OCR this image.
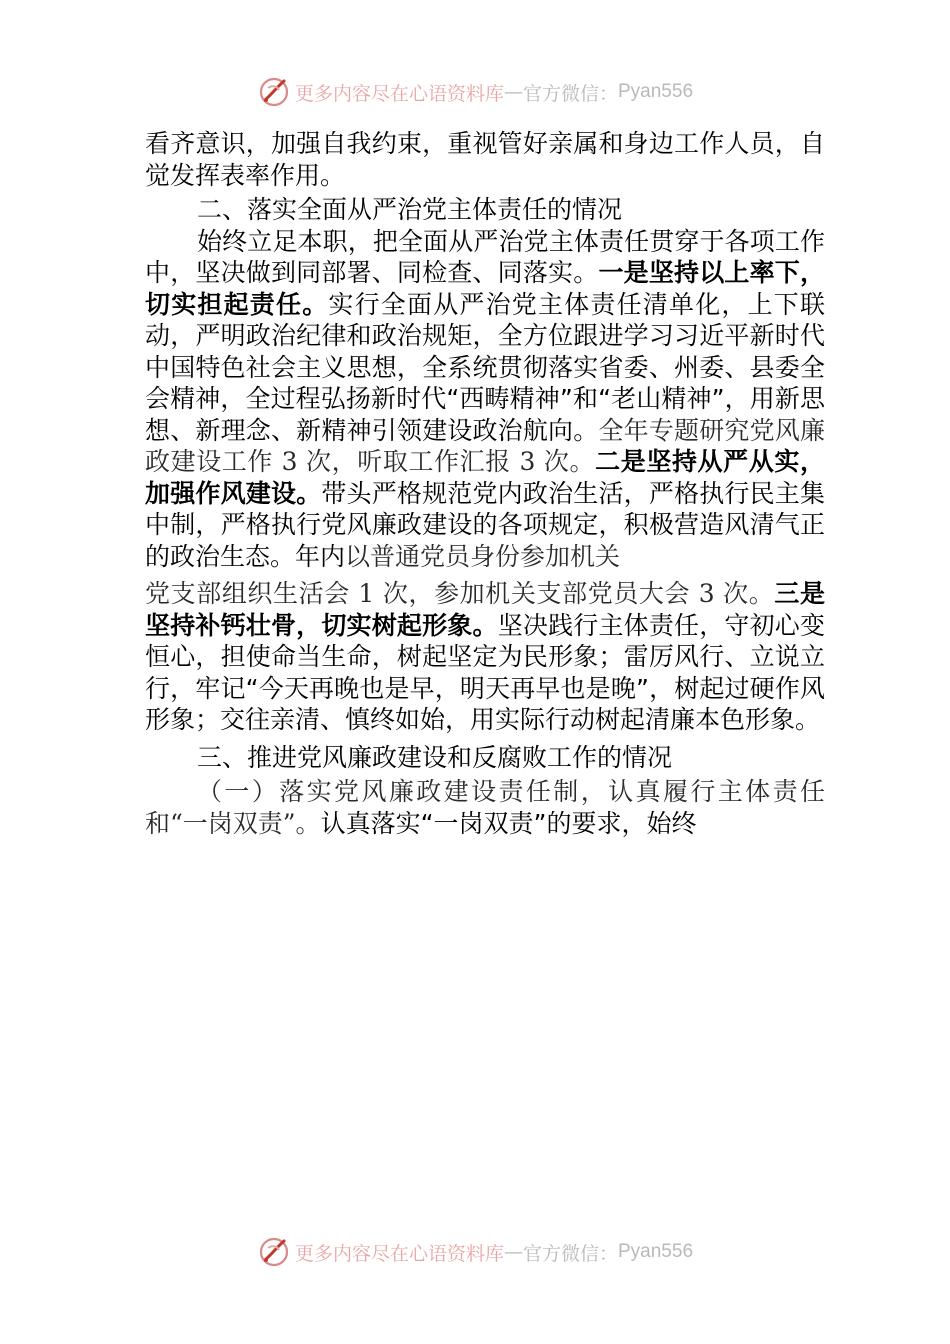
更多内容尽在心语资料库 — 官方微信： Pyan556

看齐意识，加强自我约束，重视管好亲属和身边工作人员，自觉发挥表率作用。

二、落实全面从严治党主体责任的情况

始终立足本职，把全面从严治党主体责任贯穿于各项工作中，坚决做到同部署、同检查、同落实。一是坚持以上率下，切实担起责任。实行全面从严治党主体责任清单化，上下联动，严明政治纪律和政治规矩，全方位跟进学习习近平新时代中国特色社会主义思想，全系统贯彻落实省委、州委、县委全会精神，全过程弘扬新时代“西畴精神”和“老山精神”，用新思想、新理念、新精神引领建设政治航向。全年专题研究党风廉政建设工作 3 次，听取工作汇报 3 次。二是坚持从严从实，加强作风建设。带头严格规范党内政治生活，严格执行民主集中制，严格执行党风廉政建设的各项规定，积极营造风清气正的政治生态。年内以普通党员身份参加机关

党支部组织生活会 1 次，参加机关支部党员大会 3 次。三是坚持补钙壮骨，切实树起形象。坚决践行主体责任，守初心变恒心，担使命当生命，树起坚定为民形象；雷厉风行、立说立行，牢记“今天再晚也是早，明天再早也是晚”，树起过硬作风形象；交往亲清、慎终如始，用实际行动树起清廉本色形象。

三、推进党风廉政建设和反腐败工作的情况

（一）落实党风廉政建设责任制，认真履行主体责任和“一岗双责”。认真落实“一岗双责”的要求，始终

更多内容尽在心语资料库 — 官方微信： Pyan556
